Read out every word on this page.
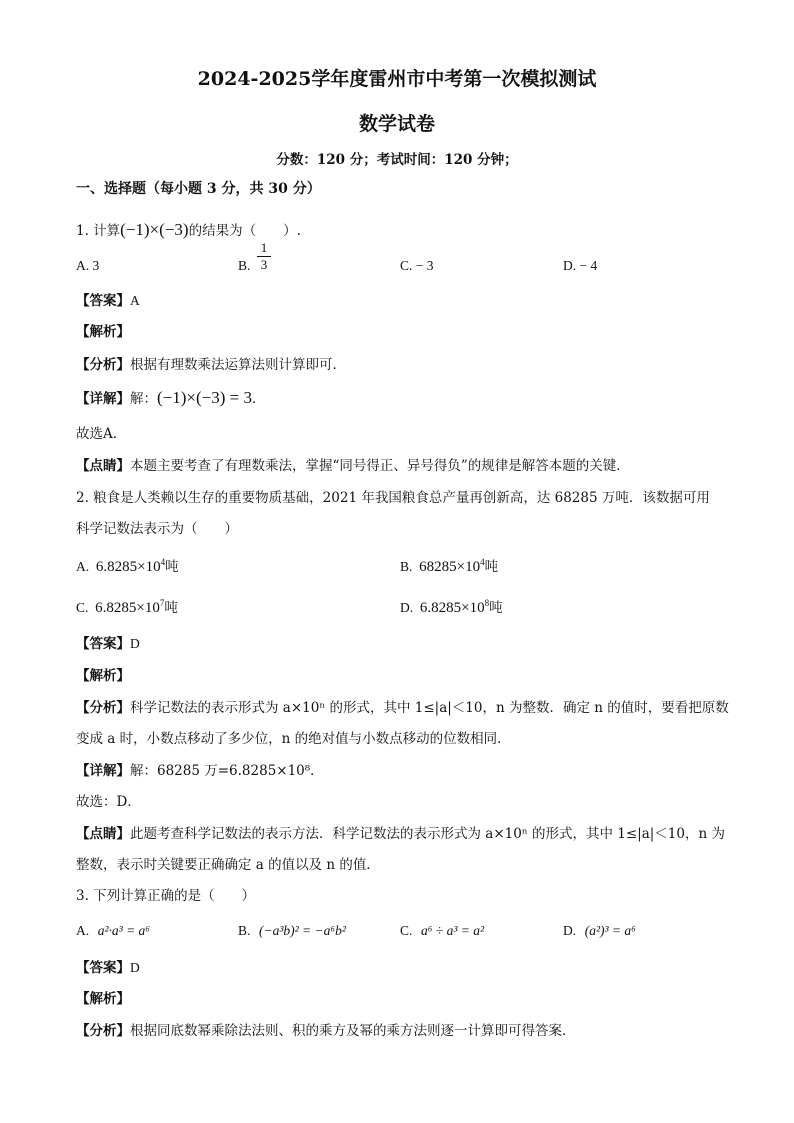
2024-2025学年度雷州市中考第一次模拟测试
数学试卷
分数：120 分；考试时间：120 分钟；
一、选择题（每小题 3 分，共 30 分）
1. 计算(−1)×(−3)的结果为（　　）.
A. 3	B.
1
3	C. − 3	D. − 4
【答案】A
【解析】
【分析】根据有理数乘法运算法则计算即可．
【详解】解：(−1)×(−3) = 3．
故选A．
【点睛】本题主要考查了有理数乘法，掌握“同号得正、异号得负”的规律是解答本题的关键．
2. 粮食是人类赖以生存的重要物质基础，2021 年我国粮食总产量再创新高，达 68285 万吨．该数据可用
科学记数法表示为（　　）
A. $6.8285\times 10^4$吨	B. $68285\times 10^4$吨
C. $6.8285\times 10^7$吨	D. $6.8285\times 10^8$吨
【答案】D
【解析】
【分析】科学记数法的表示形式为 a×10ⁿ 的形式，其中 1≤|a|＜10，n 为整数．确定 n 的值时，要看把原数
变成 a 时，小数点移动了多少位，n 的绝对值与小数点移动的位数相同．
【详解】解：68285 万=6.8285×10⁸．
故选：D．
【点睛】此题考查科学记数法的表示方法．科学记数法的表示形式为 a×10ⁿ 的形式，其中 1≤|a|＜10，n 为
整数，表示时关键要正确确定 a 的值以及 n 的值．
3. 下列计算正确的是（　　）
A. a²·a³ = a⁶	B. (−a³b)² = −a⁶b²	C. a⁶ ÷ a³ = a²	D. (a²)³ = a⁶
【答案】D
【解析】
【分析】根据同底数幂乘除法法则、积的乘方及幂的乘方法则逐一计算即可得答案．
